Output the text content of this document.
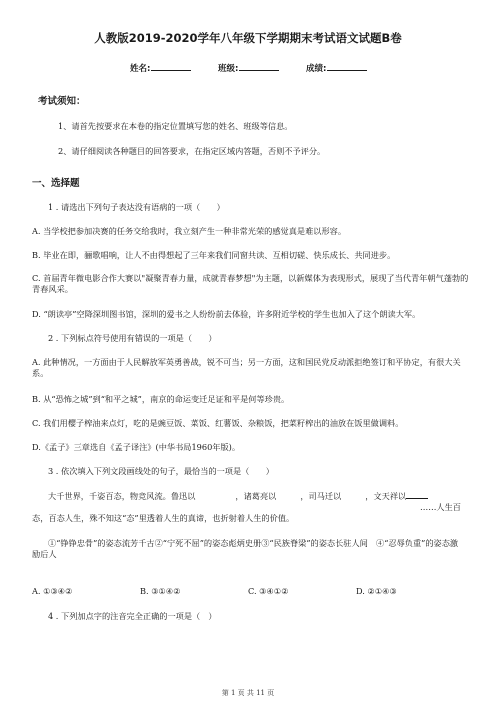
人教版2019-2020学年八年级下学期期末考试语文试题B卷
姓名:	班级:	成绩:
考试须知：
1、请首先按要求在本卷的指定位置填写您的姓名、班级等信息。
2、请仔细阅读各种题目的回答要求，在指定区域内答题，否则不予评分。
一、选择题
1 . 请选出下列句子表达没有语病的一项（　　）
A. 当学校把参加决赛的任务交给我时，我立刻产生一种非常光荣的感觉真是难以形容。
B. 毕业在即，骊歌唱响，让人不由得想起了三年来我们同窗共读、互相切磋、快乐成长、共同进步。
C. 首届青年微电影合作大赛以"凝聚青春力量，成就青春梦想"为主题，以新媒体为表现形式，展现了当代青年朝气蓬勃的青春风采。
D. “朗读亭”空降深圳图书馆，深圳的爱书之人纷纷前去体验，许多附近学校的学生也加入了这个朗读大军。
2 . 下列标点符号使用有错误的一项是（　　）
A. 此种情况，一方面由于人民解放军英勇善战，锐不可当；另一方面，这和国民党反动派拒绝签订和平协定，有很大关系。
B. 从“恐怖之城”到“和平之城”，南京的命运变迁足证和平是何等珍贵。
C. 我们用樱子榨油来点灯，吃的是豌豆饭、菜饭、红薯饭、杂粮饭，把菜籽榨出的油放在饭里做调料。
D.《孟子》三章选自《孟子译注》(中华书局1960年版)。
3 . 依次填入下列文段画线处的句子，最恰当的一项是（　　）
大千世界，千姿百态，物竞风流。鲁迅以	，诸葛亮以	，司马迁以	，文天祥以
……人生百态，百态人生，殊不知这“态”里透着人生的真谛，也折射着人生的价值。
①“铮铮忠骨”的姿态流芳千古②“宁死不屈”的姿态彪炳史册③“民族脊梁”的姿态长驻人间　④“忍辱负重”的姿态激励后人
A. ①③④②	B. ③①④②	C. ③④①②	D. ②①④③
4 . 下列加点字的注音完全正确的一项是（　）
第 1 页 共 11 页
